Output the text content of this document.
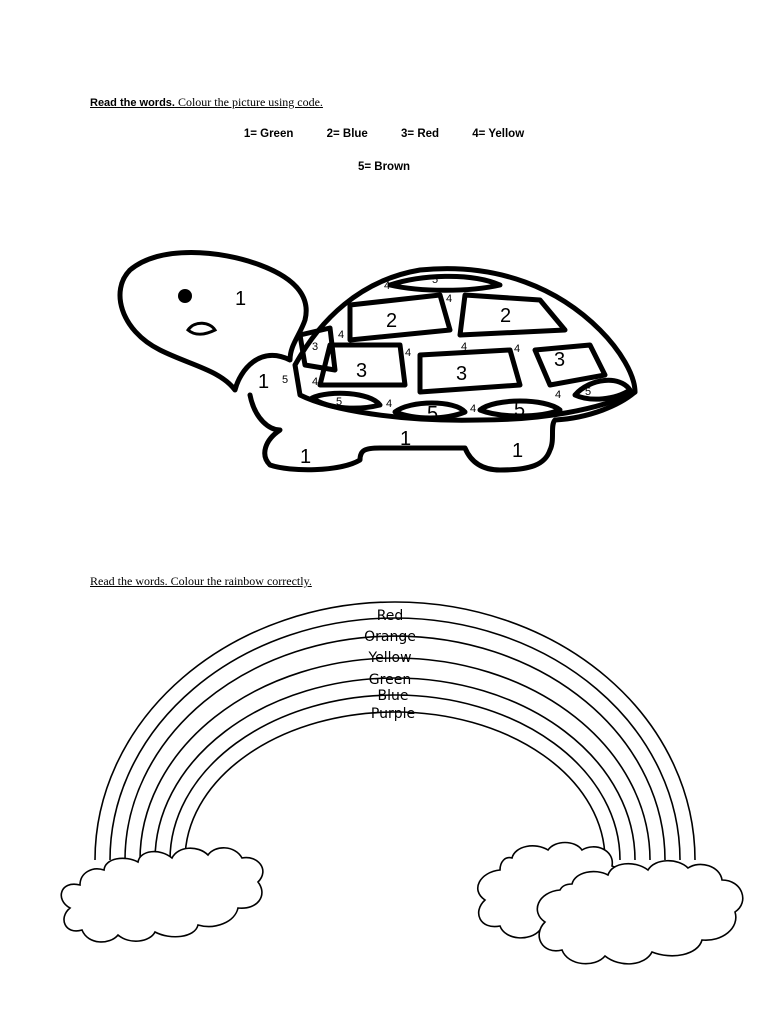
Read the words. Colour the picture using code.
1= Green	2= Blue	3= Red	4= Yellow
5= Brown
1
1
1
1
1
5
2	2
3	3
3
3
5
5	5
5
5
4
4
4
4	4	4
4
4	4
4
Read the words. Colour the rainbow correctly.
Red
Orange
Yellow
Green
Blue
Purple
